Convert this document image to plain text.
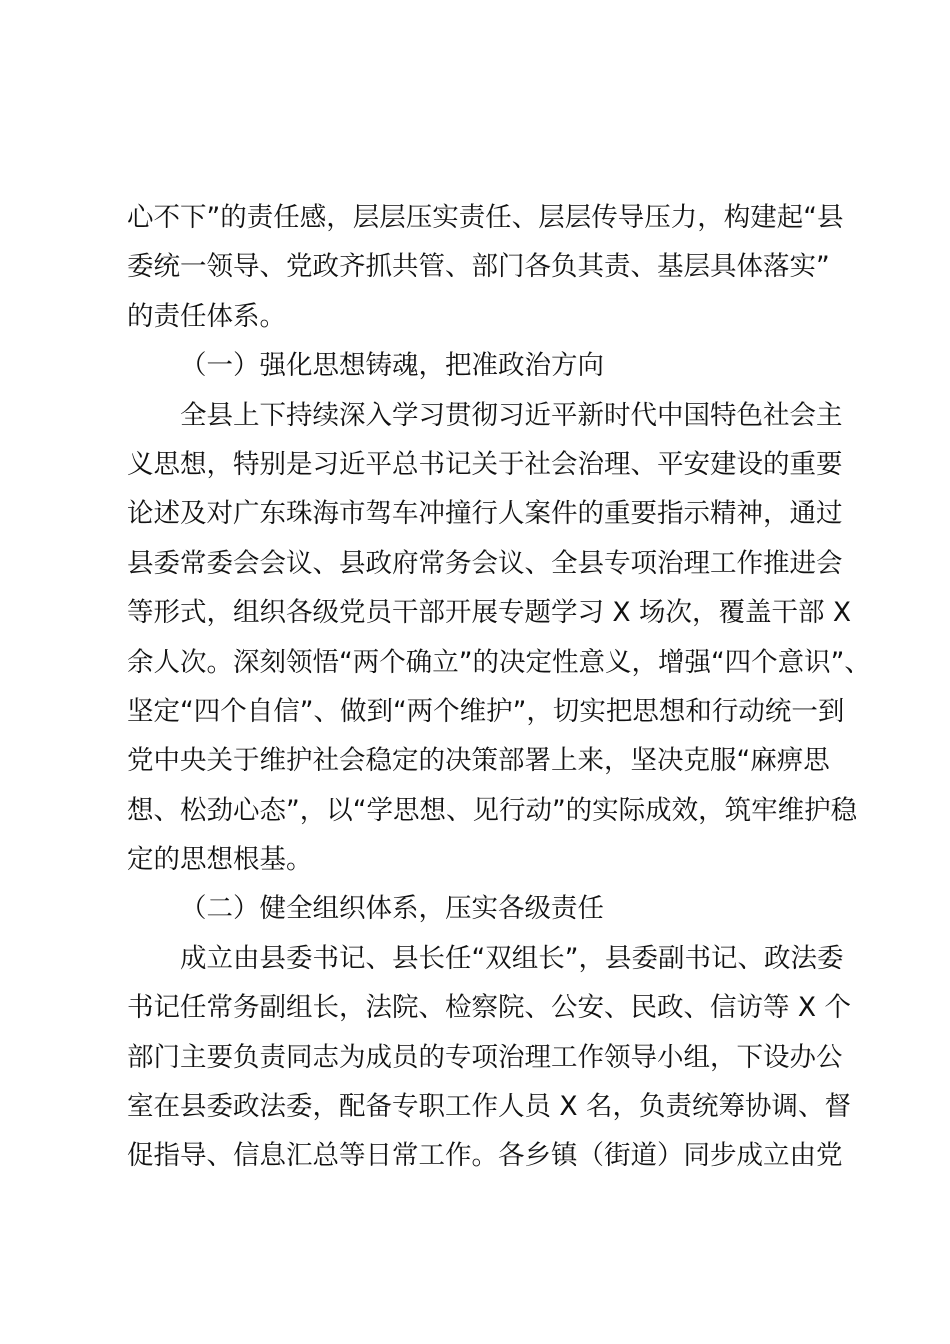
心不下”的责任感，层层压实责任、层层传导压力，构建起“县
委统一领导、党政齐抓共管、部门各负其责、基层具体落实”
的责任体系。
（一）强化思想铸魂，把准政治方向
全县上下持续深入学习贯彻习近平新时代中国特色社会主
义思想，特别是习近平总书记关于社会治理、平安建设的重要
论述及对广东珠海市驾车冲撞行人案件的重要指示精神，通过
县委常委会会议、县政府常务会议、全县专项治理工作推进会
等形式，组织各级党员干部开展专题学习 X 场次，覆盖干部 X
余人次。深刻领悟“两个确立”的决定性意义，增强“四个意识”、
坚定“四个自信”、做到“两个维护”，切实把思想和行动统一到
党中央关于维护社会稳定的决策部署上来，坚决克服“麻痹思
想、松劲心态”，以“学思想、见行动”的实际成效，筑牢维护稳
定的思想根基。
（二）健全组织体系，压实各级责任
成立由县委书记、县长任“双组长”，县委副书记、政法委
书记任常务副组长，法院、检察院、公安、民政、信访等 X 个
部门主要负责同志为成员的专项治理工作领导小组，下设办公
室在县委政法委，配备专职工作人员 X 名，负责统筹协调、督
促指导、信息汇总等日常工作。各乡镇（街道）同步成立由党
